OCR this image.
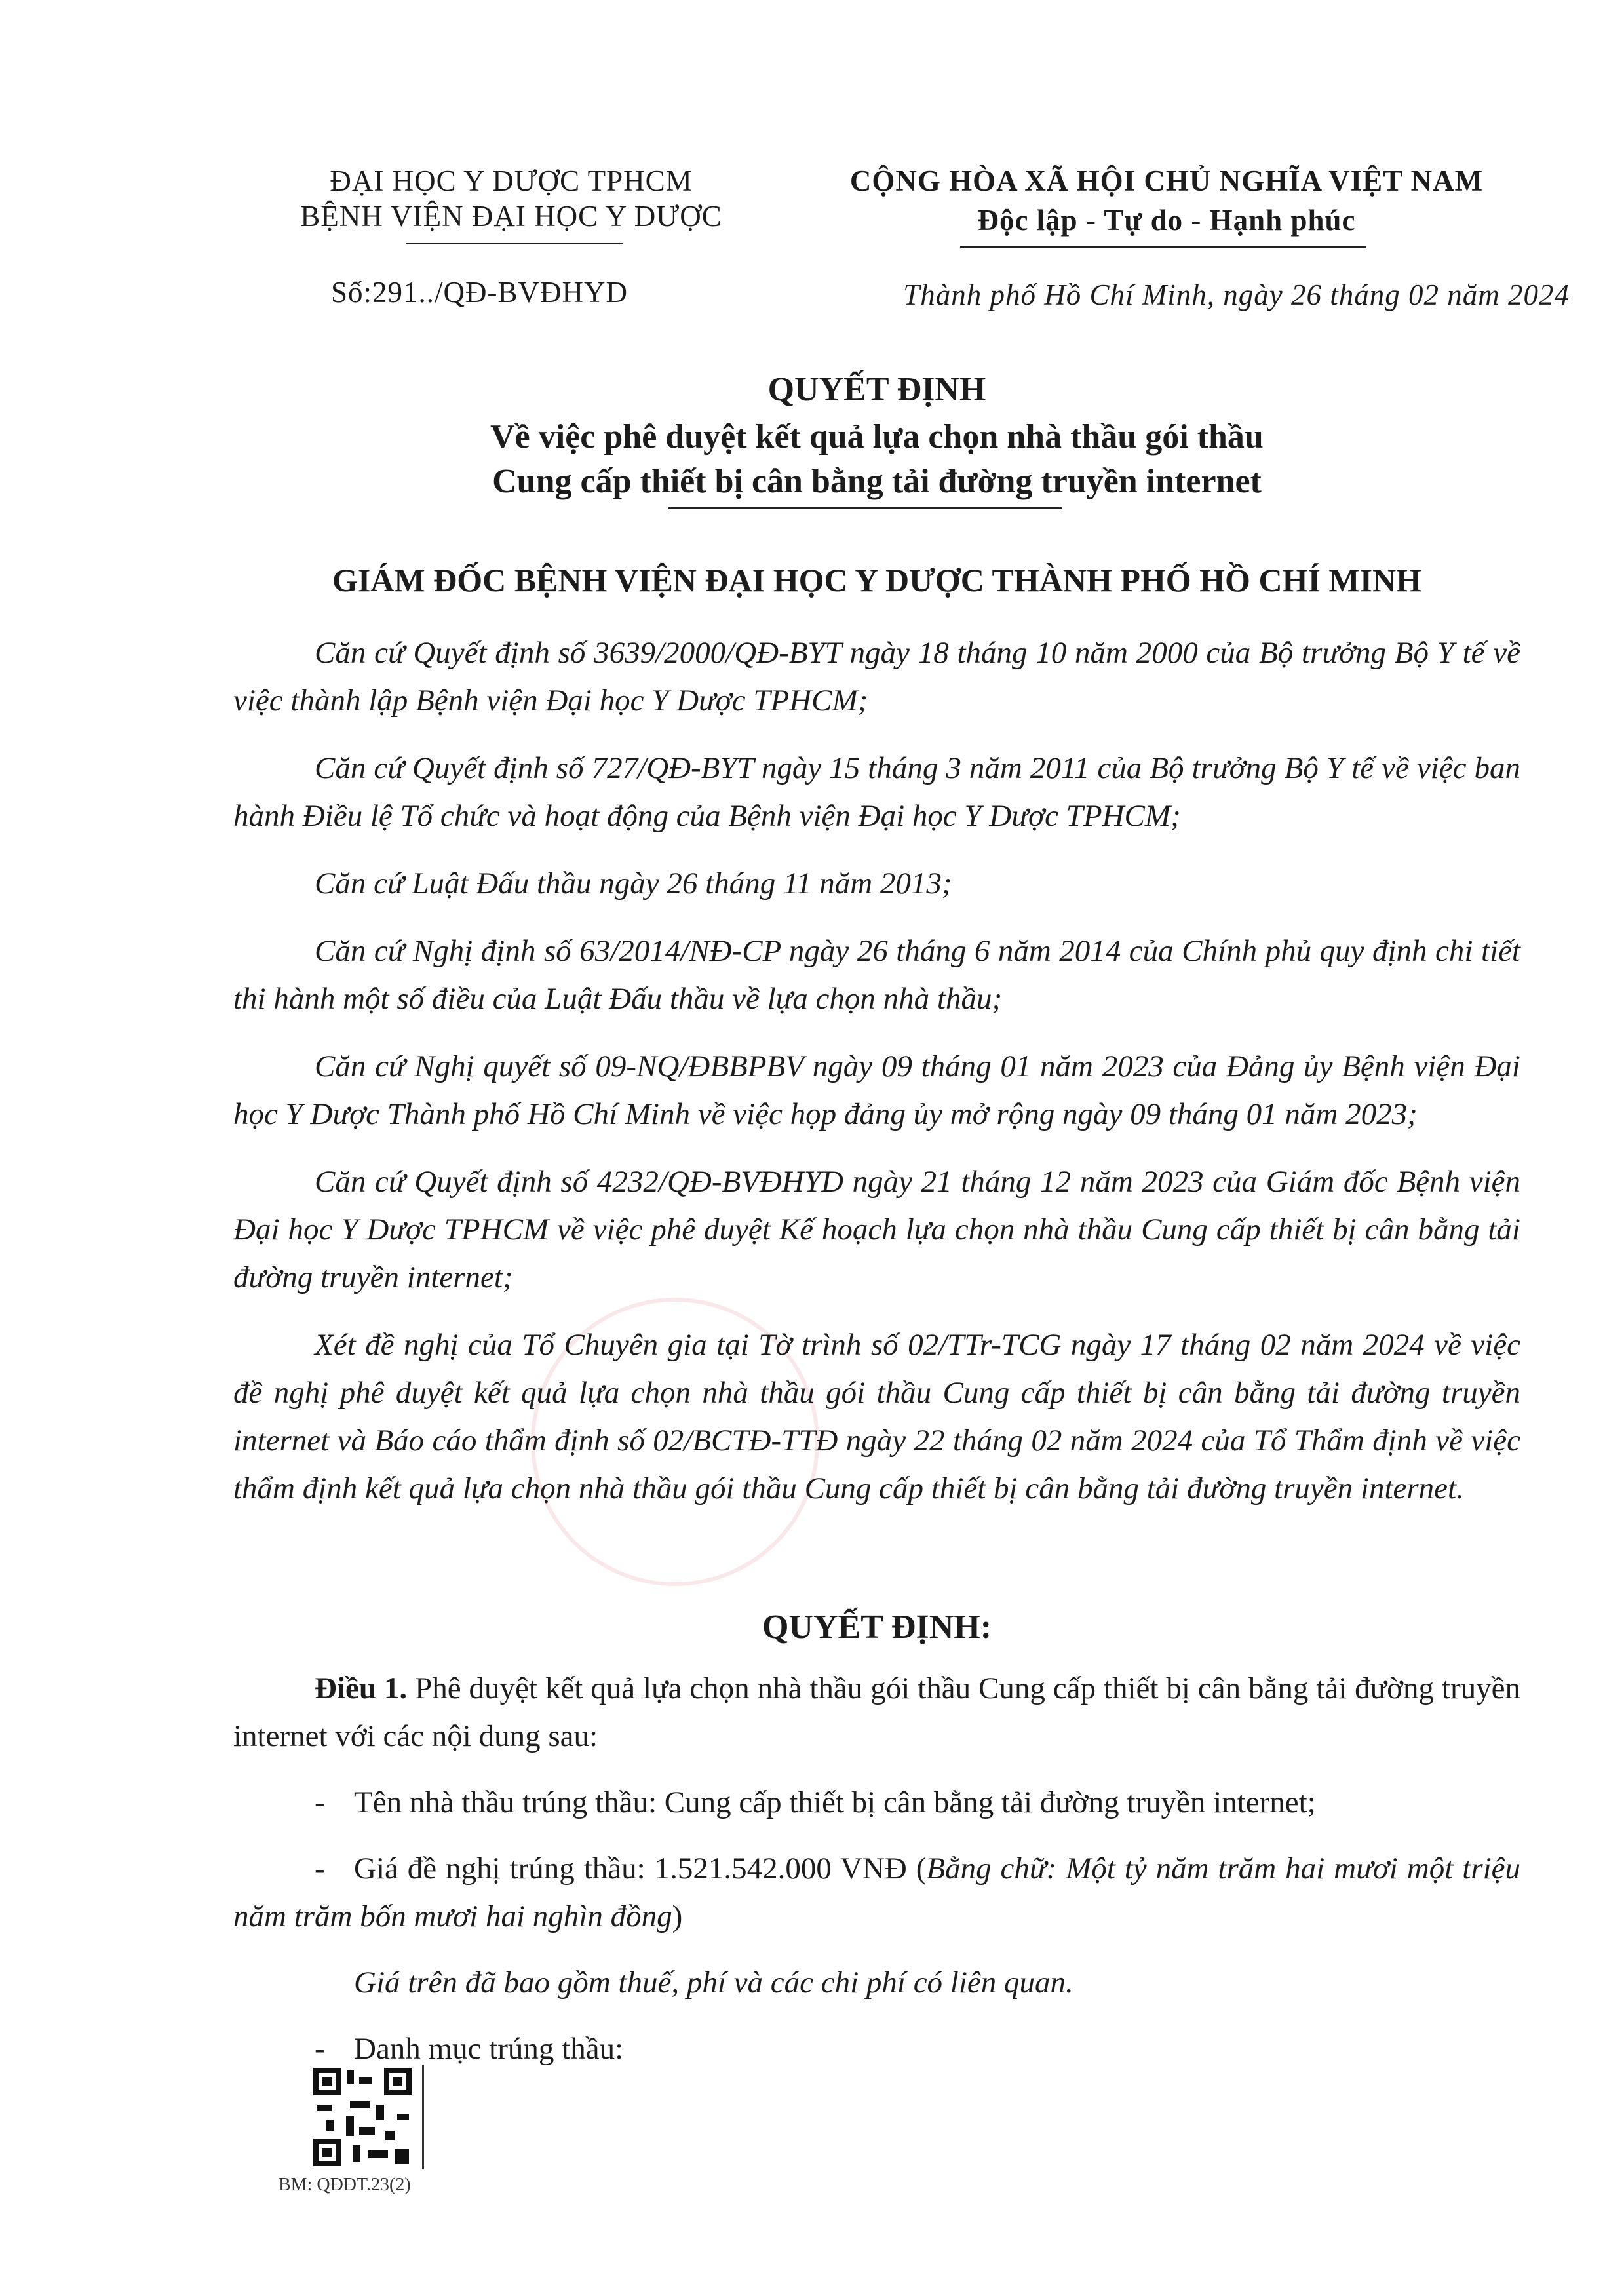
ĐẠI HỌC Y DƯỢC TPHCM
BỆNH VIỆN ĐẠI HỌC Y DƯỢC
CỘNG HÒA XÃ HỘI CHỦ NGHĨA VIỆT NAM
Độc lập - Tự do - Hạnh phúc
Số:291../QĐ-BVĐHYD	Thành phố Hồ Chí Minh, ngày 26 tháng 02 năm 2024
QUYẾT ĐỊNH
Về việc phê duyệt kết quả lựa chọn nhà thầu gói thầu
Cung cấp thiết bị cân bằng tải đường truyền internet
GIÁM ĐỐC BỆNH VIỆN ĐẠI HỌC Y DƯỢC THÀNH PHỐ HỒ CHÍ MINH

Căn cứ Quyết định số 3639/2000/QĐ-BYT ngày 18 tháng 10 năm 2000 của Bộ trưởng Bộ Y tế về việc thành lập Bệnh viện Đại học Y Dược TPHCM;

Căn cứ Quyết định số 727/QĐ-BYT ngày 15 tháng 3 năm 2011 của Bộ trưởng Bộ Y tế về việc ban hành Điều lệ Tổ chức và hoạt động của Bệnh viện Đại học Y Dược TPHCM;

Căn cứ Luật Đấu thầu ngày 26 tháng 11 năm 2013;

Căn cứ Nghị định số 63/2014/NĐ-CP ngày 26 tháng 6 năm 2014 của Chính phủ quy định chi tiết thi hành một số điều của Luật Đấu thầu về lựa chọn nhà thầu;

Căn cứ Nghị quyết số 09-NQ/ĐBBPBV ngày 09 tháng 01 năm 2023 của Đảng ủy Bệnh viện Đại học Y Dược Thành phố Hồ Chí Minh về việc họp đảng ủy mở rộng ngày 09 tháng 01 năm 2023;

Căn cứ Quyết định số 4232/QĐ-BVĐHYD ngày 21 tháng 12 năm 2023 của Giám đốc Bệnh viện Đại học Y Dược TPHCM về việc phê duyệt Kế hoạch lựa chọn nhà thầu Cung cấp thiết bị cân bằng tải đường truyền internet;

Xét đề nghị của Tổ Chuyên gia tại Tờ trình số 02/TTr-TCG ngày 17 tháng 02 năm 2024 về việc đề nghị phê duyệt kết quả lựa chọn nhà thầu gói thầu Cung cấp thiết bị cân bằng tải đường truyền internet và Báo cáo thẩm định số 02/BCTĐ-TTĐ ngày 22 tháng 02 năm 2024 của Tổ Thẩm định về việc thẩm định kết quả lựa chọn nhà thầu gói thầu Cung cấp thiết bị cân bằng tải đường truyền internet.

QUYẾT ĐỊNH:

Điều 1. Phê duyệt kết quả lựa chọn nhà thầu gói thầu Cung cấp thiết bị cân bằng tải đường truyền internet với các nội dung sau:

- Tên nhà thầu trúng thầu: Cung cấp thiết bị cân bằng tải đường truyền internet;

- Giá đề nghị trúng thầu: 1.521.542.000 VNĐ (Bằng chữ: Một tỷ năm trăm hai mươi một triệu năm trăm bốn mươi hai nghìn đồng)

Giá trên đã bao gồm thuế, phí và các chi phí có liên quan.

- Danh mục trúng thầu:

BM: QĐĐT.23(2)
